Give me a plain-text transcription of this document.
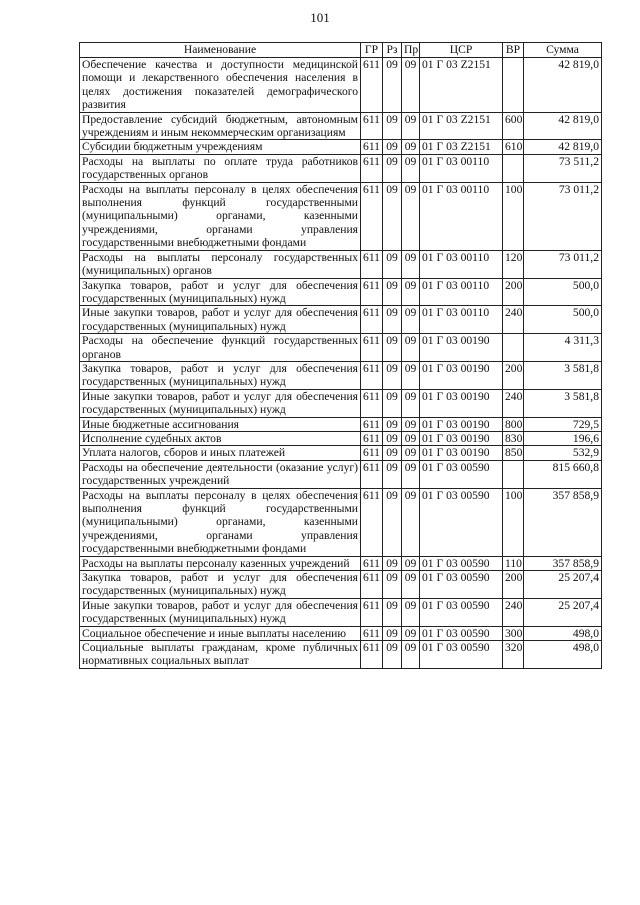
101
Наименование	ГР	Рз	Пр	ЦСР	ВР	Сумма
Обеспечение качества и доступности медицинской помощи и лекарственного обеспечения населения в целях достижения показателей демографического развития	611	09	09	01 Г 03 Z2151		42 819,0
Предоставление субсидий бюджетным, автономным учреждениям и иным некоммерческим организациям	611	09	09	01 Г 03 Z2151	600	42 819,0
Субсидии бюджетным учреждениям	611	09	09	01 Г 03 Z2151	610	42 819,0
Расходы на выплаты по оплате труда работников государственных органов	611	09	09	01 Г 03 00110		73 511,2
Расходы на выплаты персоналу в целях обеспечения выполнения функций государственными (муниципальными) органами, казенными учреждениями, органами управления государственными внебюджетными фондами	611	09	09	01 Г 03 00110	100	73 011,2
Расходы на выплаты персоналу государственных (муниципальных) органов	611	09	09	01 Г 03 00110	120	73 011,2
Закупка товаров, работ и услуг для обеспечения государственных (муниципальных) нужд	611	09	09	01 Г 03 00110	200	500,0
Иные закупки товаров, работ и услуг для обеспечения государственных (муниципальных) нужд	611	09	09	01 Г 03 00110	240	500,0
Расходы на обеспечение функций государственных органов	611	09	09	01 Г 03 00190		4 311,3
Закупка товаров, работ и услуг для обеспечения государственных (муниципальных) нужд	611	09	09	01 Г 03 00190	200	3 581,8
Иные закупки товаров, работ и услуг для обеспечения государственных (муниципальных) нужд	611	09	09	01 Г 03 00190	240	3 581,8
Иные бюджетные ассигнования	611	09	09	01 Г 03 00190	800	729,5
Исполнение судебных актов	611	09	09	01 Г 03 00190	830	196,6
Уплата налогов, сборов и иных платежей	611	09	09	01 Г 03 00190	850	532,9
Расходы на обеспечение деятельности (оказание услуг) государственных учреждений	611	09	09	01 Г 03 00590		815 660,8
Расходы на выплаты персоналу в целях обеспечения выполнения функций государственными (муниципальными) органами, казенными учреждениями, органами управления государственными внебюджетными фондами	611	09	09	01 Г 03 00590	100	357 858,9
Расходы на выплаты персоналу казенных учреждений	611	09	09	01 Г 03 00590	110	357 858,9
Закупка товаров, работ и услуг для обеспечения государственных (муниципальных) нужд	611	09	09	01 Г 03 00590	200	25 207,4
Иные закупки товаров, работ и услуг для обеспечения государственных (муниципальных) нужд	611	09	09	01 Г 03 00590	240	25 207,4
Социальное обеспечение и иные выплаты населению	611	09	09	01 Г 03 00590	300	498,0
Социальные выплаты гражданам, кроме публичных нормативных социальных выплат	611	09	09	01 Г 03 00590	320	498,0
